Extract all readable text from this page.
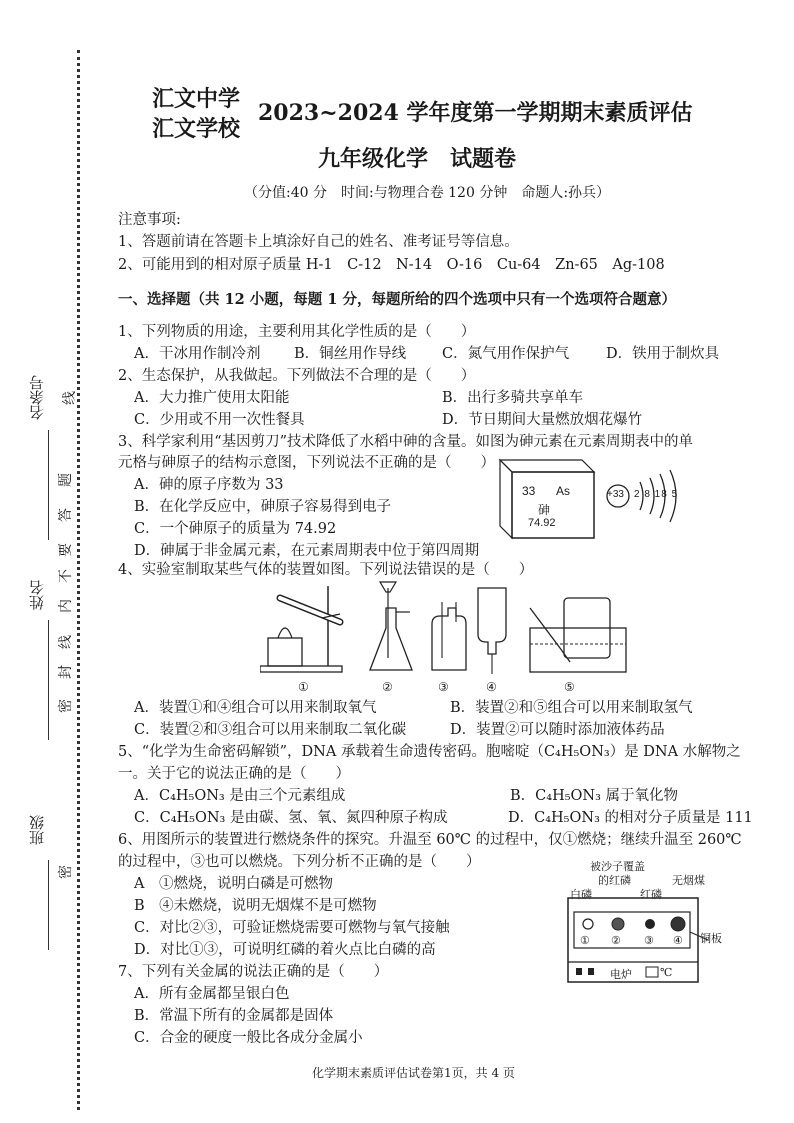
名条号
姓名
班级
线
题
答
要
不
内
线
封
密
密
汇文中学
汇文学校
2023~2024 学年度第一学期期末素质评估
九年级化学　试题卷
（分值:40 分　时间:与物理合卷 120 分钟　命题人:孙兵）
注意事项:
1、答题前请在答题卡上填涂好自己的姓名、准考证号等信息。
2、可能用到的相对原子质量 H-1　C-12　N-14　O-16　Cu-64　Zn-65　Ag-108
一、选择题（共 12 小题，每题 1 分，每题所给的四个选项中只有一个选项符合题意）
1、下列物质的用途，主要利用其化学性质的是（　　）
A．干冰用作制冷剂 B．铜丝用作导线 C．氮气用作保护气	D．铁用于制炊具
2、生态保护，从我做起。下列做法不合理的是（　　）
A．大力推广使用太阳能	B．出行多骑共享单车
C．少用或不用一次性餐具	D．节日期间大量燃放烟花爆竹
3、科学家利用“基因剪刀”技术降低了水稻中砷的含量。如图为砷元素在元素周期表中的单
元格与砷原子的结构示意图，下列说法不正确的是（　　）
A．砷的原子序数为 33
B．在化学反应中，砷原子容易得到电子
C．一个砷原子的质量为 74.92
D．砷属于非金属元素，在元素周期表中位于第四周期
33 As
砷
74.92
+33 2 8 18 5
4、实验室制取某些气体的装置如图。下列说法错误的是（　　）
①	②	③	④	⑤
A．装置①和④组合可以用来制取氧气	B．装置②和⑤组合可以用来制取氢气
C．装置②和③组合可以用来制取二氧化碳	D．装置②可以随时添加液体药品
5、“化学为生命密码解锁”，DNA 承载着生命遗传密码。胞嘧啶（C₄H₅ON₃）是 DNA 水解物之
一。关于它的说法正确的是（　　）
A．C₄H₅ON₃ 是由三个元素组成	B．C₄H₅ON₃ 属于氧化物
C．C₄H₅ON₃ 是由碳、氢、氧、氮四种原子构成	D．C₄H₅ON₃ 的相对分子质量是 111
6、用图所示的装置进行燃烧条件的探究。升温至 60℃ 的过程中，仅①燃烧；继续升温至 260℃
的过程中，③也可以燃烧。下列分析不正确的是（　　）
A　①燃烧，说明白磷是可燃物
B　④未燃烧，说明无烟煤不是可燃物
C．对比②③，可验证燃烧需要可燃物与氧气接触
D．对比①③，可说明红磷的着火点比白磷的高
被沙子覆盖
的红磷	无烟煤
白磷	红磷
① ② ③ ④ 铜板
电炉	℃
7、下列有关金属的说法正确的是（　　）
A．所有金属都呈银白色
B．常温下所有的金属都是固体
C．合金的硬度一般比各成分金属小
化学期末素质评估试卷第1页，共 4 页
